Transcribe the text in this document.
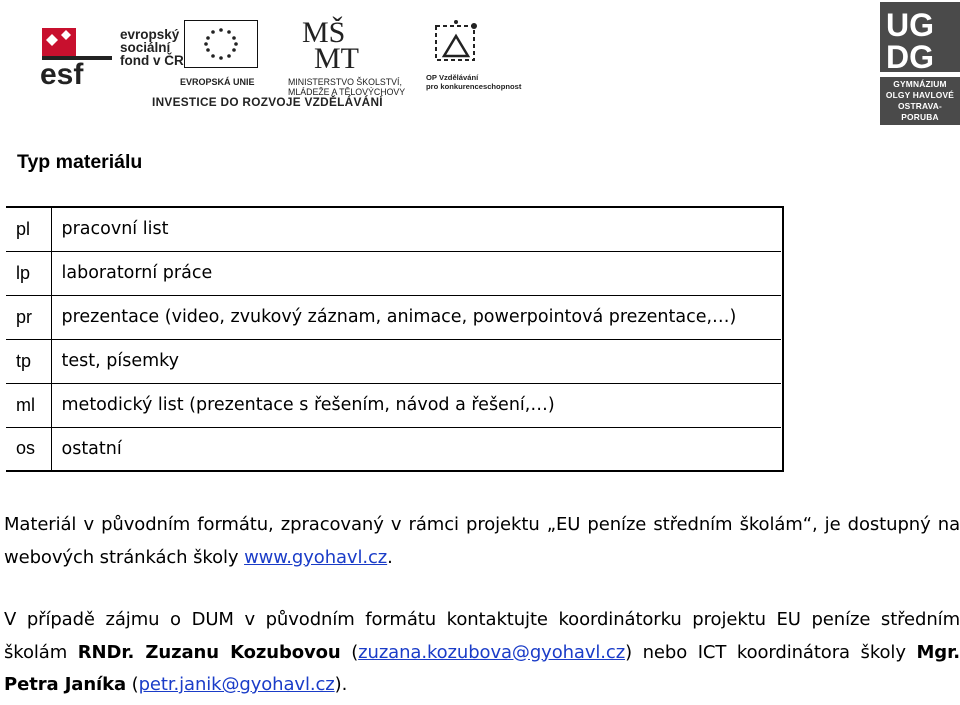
esf
evropský
sociální
fond v ČR
EVROPSKÁ UNIE
MŠ
MT
MINISTERSTVO ŠKOLSTVÍ,
MLÁDEŽE A TĚLOVÝCHOVY
OP Vzdělávání
pro konkurenceschopnost
INVESTICE DO ROZVOJE VZDĚLÁVÁNÍ
UG
DG
GYMNÁZIUM
OLGY HAVLOVÉ
OSTRAVA-PORUBA
Typ materiálu
pl	pracovní list	
lp	laboratorní práce	
pr	prezentace (video, zvukový záznam, animace, powerpointová prezentace,…)	
tp	test, písemky	
ml	metodický list (prezentace s řešením, návod a řešení,…)	
os	ostatní	
Materiál v původním formátu, zpracovaný v rámci projektu „EU peníze středním školám“, je dostupný na webových stránkách školy www.gyohavl.cz.
V případě zájmu o DUM v původním formátu kontaktujte koordinátorku projektu EU peníze středním školám RNDr. Zuzanu Kozubovou (zuzana.kozubova@gyohavl.cz) nebo ICT koordinátora školy Mgr. Petra Janíka (petr.janik@gyohavl.cz).
